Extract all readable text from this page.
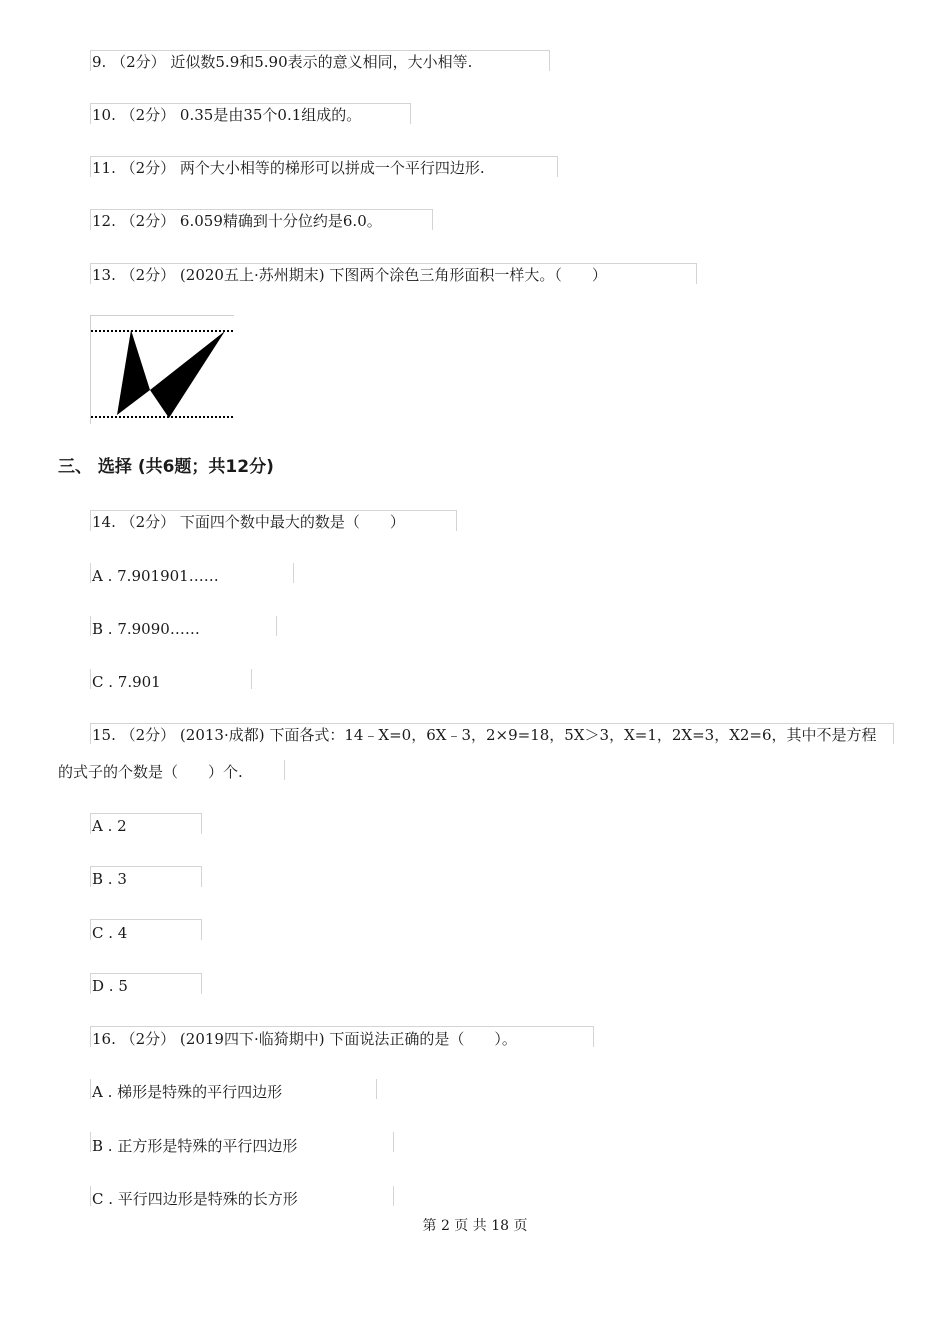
9. （2分） 近似数5.9和5.90表示的意义相同，大小相等.
10. （2分） 0.35是由35个0.1组成的。
11. （2分） 两个大小相等的梯形可以拼成一个平行四边形.
12. （2分） 6.059精确到十分位约是6.0。
13. （2分） (2020五上·苏州期末) 下图两个涂色三角形面积一样大。（　　）
三、 选择 (共6题；共12分)
14. （2分） 下面四个数中最大的数是（　　）
A . 7.901901……
B . 7.9090……
C . 7.901
15. （2分） (2013·成都) 下面各式：14﹣X=0，6X﹣3，2×9=18，5X＞3，X=1，2X=3，X2=6，其中不是方程
的式子的个数是（　　）个.
A . 2
B . 3
C . 4
D . 5
16. （2分） (2019四下·临猗期中) 下面说法正确的是（　　）。
A . 梯形是特殊的平行四边形
B . 正方形是特殊的平行四边形
C . 平行四边形是特殊的长方形
第 2 页 共 18 页
